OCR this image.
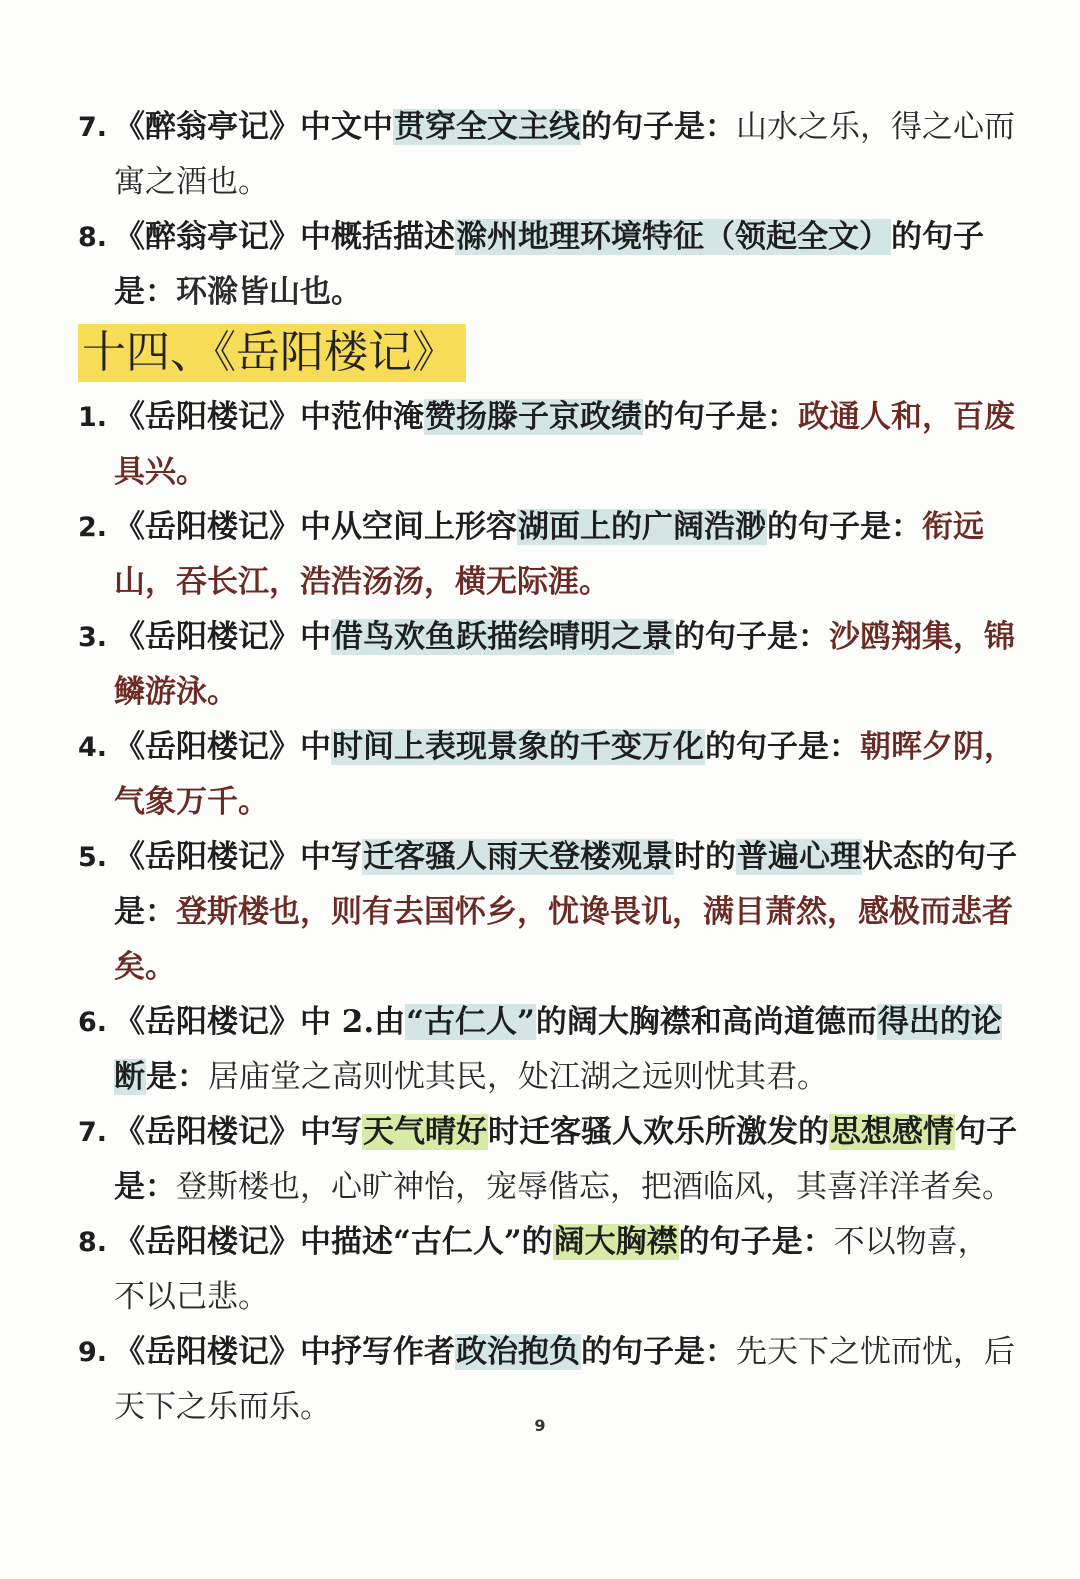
7. 《醉翁亭记》中文中贯穿全文主线的句子是：山水之乐，得之心而寓之酒也。
8. 《醉翁亭记》中概括描述滁州地理环境特征（领起全文）的句子是：环滁皆山也。
十四、《岳阳楼记》
1. 《岳阳楼记》中范仲淹赞扬滕子京政绩的句子是：政通人和，百废具兴。
2. 《岳阳楼记》中从空间上形容湖面上的广阔浩渺的句子是：衔远山，吞长江，浩浩汤汤，横无际涯。
3. 《岳阳楼记》中借鸟欢鱼跃描绘晴明之景的句子是：沙鸥翔集，锦鳞游泳。
4. 《岳阳楼记》中时间上表现景象的千变万化的句子是：朝晖夕阴，气象万千。
5. 《岳阳楼记》中写迁客骚人雨天登楼观景时的普遍心理状态的句子是：登斯楼也，则有去国怀乡，忧谗畏讥，满目萧然，感极而悲者矣。
6. 《岳阳楼记》中 2.由“古仁人”的阔大胸襟和高尚道德而得出的论断是：居庙堂之高则忧其民，处江湖之远则忧其君。
7. 《岳阳楼记》中写天气晴好时迁客骚人欢乐所激发的思想感情句子是：登斯楼也，心旷神怡，宠辱偕忘，把酒临风，其喜洋洋者矣。
8. 《岳阳楼记》中描述“古仁人”的阔大胸襟的句子是：不以物喜，不以己悲。
9. 《岳阳楼记》中抒写作者政治抱负的句子是：先天下之忧而忧，后天下之乐而乐。
9
